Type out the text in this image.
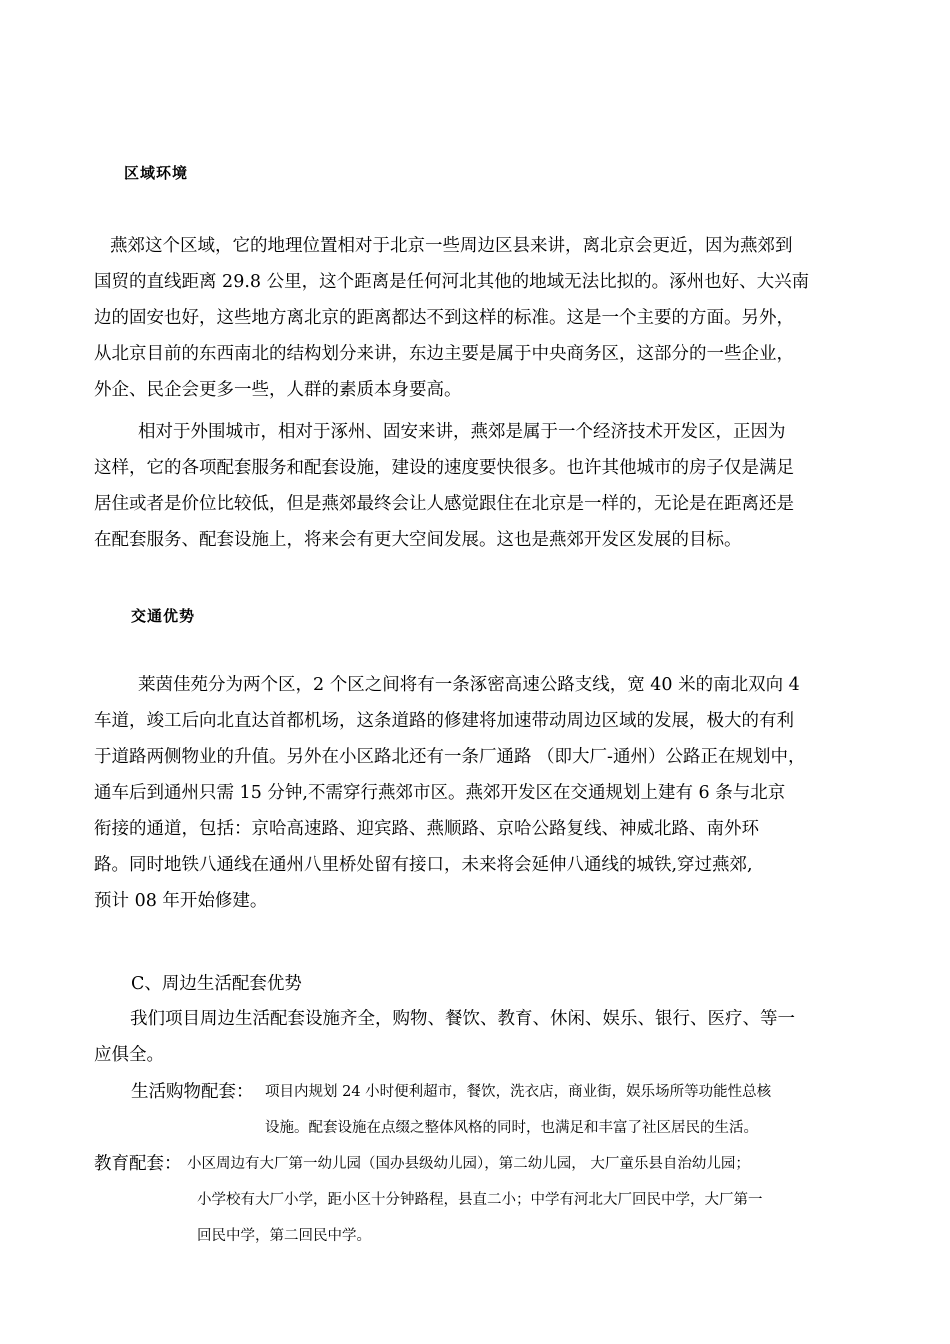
区域环境
燕郊这个区域，它的地理位置相对于北京一些周边区县来讲，离北京会更近，因为燕郊到
国贸的直线距离 29.8 公里，这个距离是任何河北其他的地域无法比拟的。涿州也好、大兴南
边的固安也好，这些地方离北京的距离都达不到这样的标准。这是一个主要的方面。另外，
从北京目前的东西南北的结构划分来讲，东边主要是属于中央商务区，这部分的一些企业，
外企、民企会更多一些，人群的素质本身要高。
相对于外围城市，相对于涿州、固安来讲，燕郊是属于一个经济技术开发区，正因为
这样，它的各项配套服务和配套设施，建设的速度要快很多。也许其他城市的房子仅是满足
居住或者是价位比较低，但是燕郊最终会让人感觉跟住在北京是一样的，无论是在距离还是
在配套服务、配套设施上，将来会有更大空间发展。这也是燕郊开发区发展的目标。
交通优势
莱茵佳苑分为两个区，2 个区之间将有一条涿密高速公路支线，宽 40 米的南北双向 4
车道，竣工后向北直达首都机场，这条道路的修建将加速带动周边区域的发展，极大的有利
于道路两侧物业的升值。另外在小区路北还有一条厂通路 （即大厂-通州）公路正在规划中，
通车后到通州只需 15 分钟,不需穿行燕郊市区。燕郊开发区在交通规划上建有 6 条与北京
衔接的通道，包括：京哈高速路、迎宾路、燕顺路、京哈公路复线、神威北路、南外环
路。同时地铁八通线在通州八里桥处留有接口，未来将会延伸八通线的城铁,穿过燕郊,
预计 08 年开始修建。
C、周边生活配套优势
我们项目周边生活配套设施齐全，购物、餐饮、教育、休闲、娱乐、银行、医疗、等一
应俱全。
生活购物配套： 项目内规划 24 小时便利超市，餐饮，洗衣店，商业街，娱乐场所等功能性总核
设施。配套设施在点缀之整体风格的同时，也满足和丰富了社区居民的生活。
教育配套： 小区周边有大厂第一幼儿园（国办县级幼儿园），第二幼儿园， 大厂童乐县自治幼儿园；
小学校有大厂小学，距小区十分钟路程，县直二小；中学有河北大厂回民中学，大厂第一
回民中学，第二回民中学。
